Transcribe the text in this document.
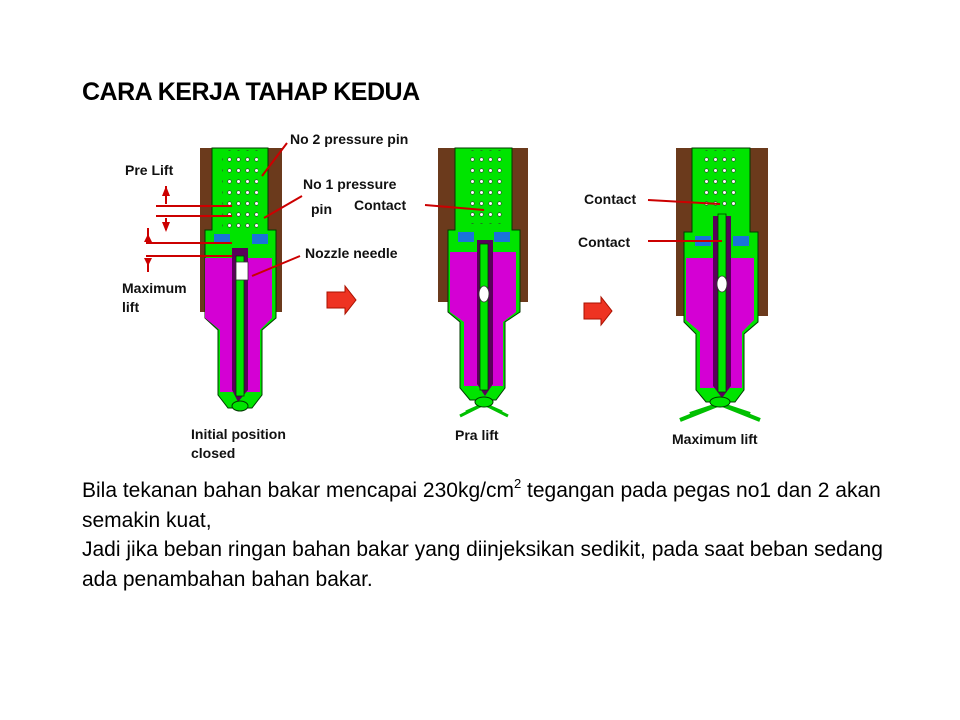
CARA KERJA TAHAP KEDUA
Pre Lift
Maximum
lift
No 2 pressure pin
No 1 pressure
pin
Nozzle needle
Contact	Contact
Contact
Initial position
closed
Pra lift	Maximum lift

Bila tekanan bahan bakar mencapai $230kg/cm^2$ tegangan pada pegas no1 dan 2 akan semakin kuat,

Jadi jika beban ringan bahan bakar yang diinjeksikan sedikit, pada saat beban sedang ada penambahan bahan bakar.
